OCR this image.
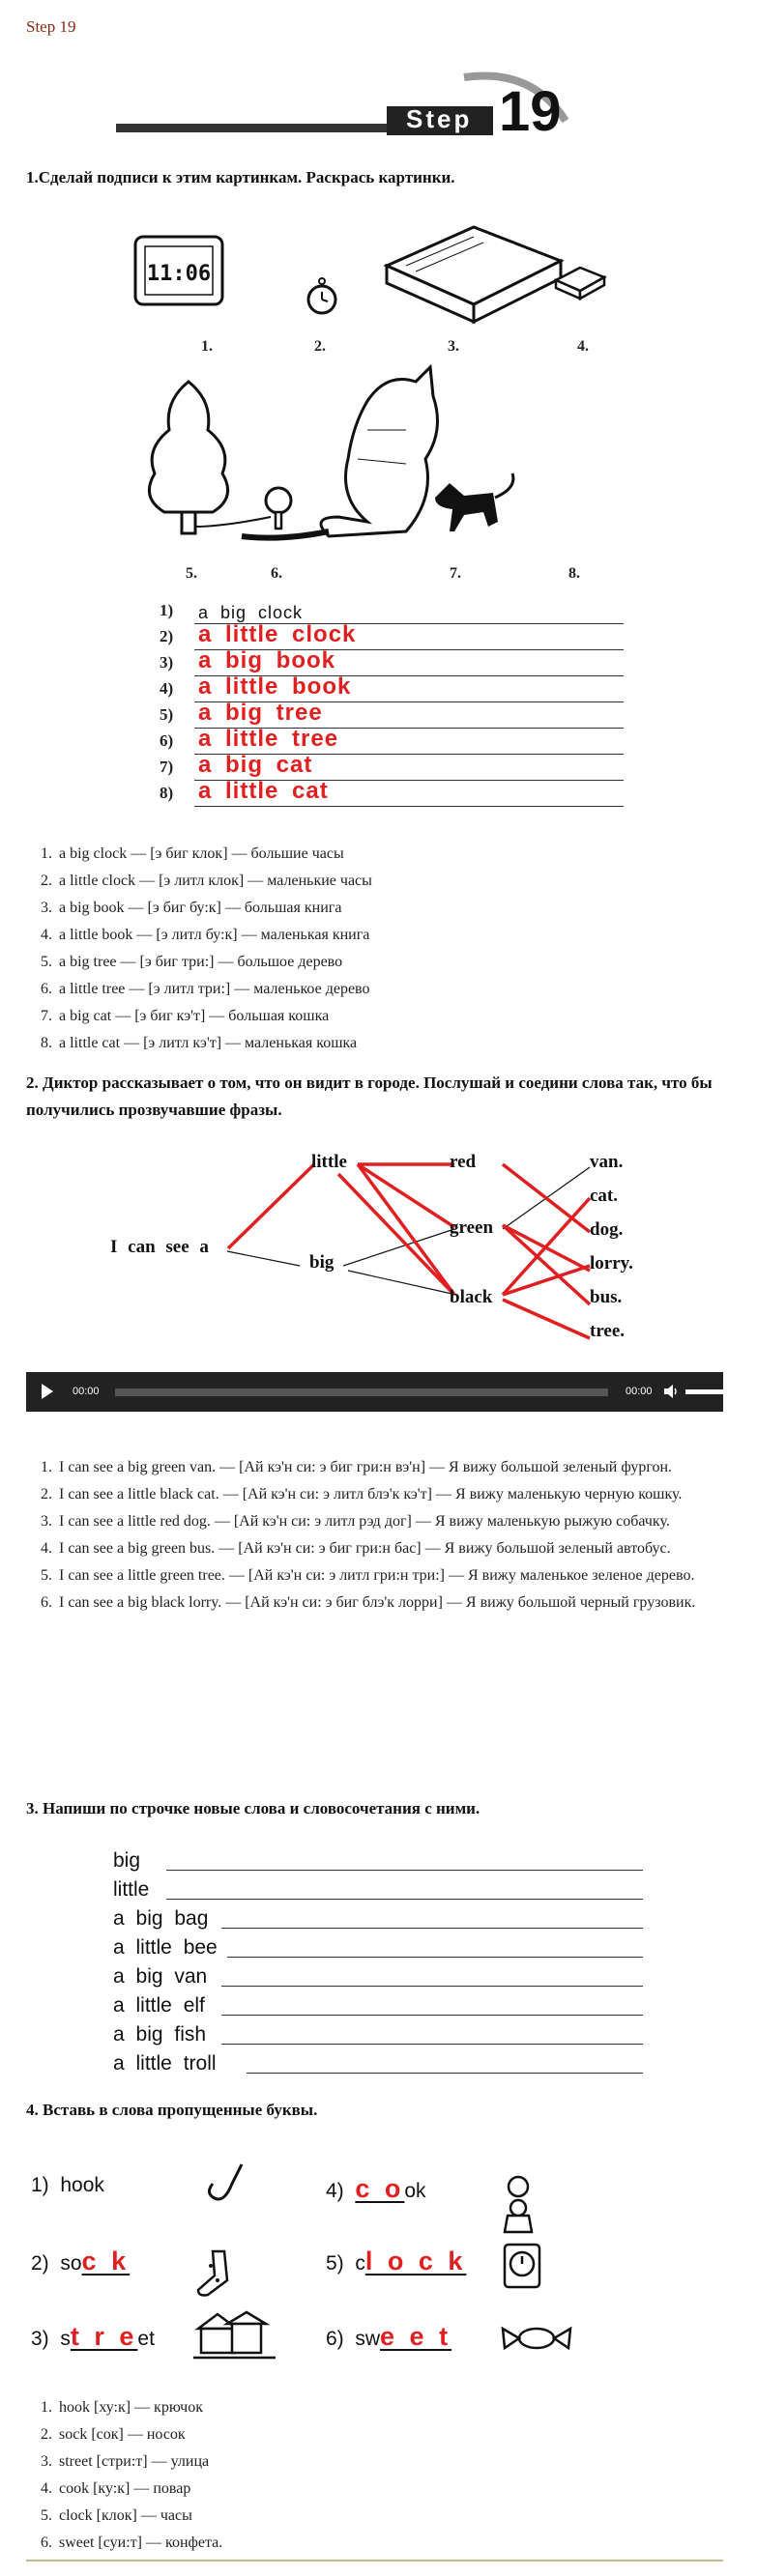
Step 19
Step 19
1.Сделай подписи к этим картинкам. Раскрась картинки.
11:06
1.	2.	3.	4.
5.	6.	7.	8.
1) a big clock
2) a little clock
3) a big book
4) a little book
5) a big tree
6) a little tree
7) a big cat
8) a little cat
1. a big clock — [э биг клок] — большие часы
2. a little clock — [э литл клок] — маленькие часы
3. a big book — [э биг бу:к] — большая книга
4. a little book — [э литл бу:к] — маленькая книга
5. a big tree — [э биг три:] — большое дерево
6. a little tree — [э литл три:] — маленькое дерево
7. a big cat — [э биг кэ'т] — большая кошка
8. a little cat — [э литл кэ'т] — маленькая кошка
2. Диктор рассказывает о том, что он видит в городе. Послушай и соедини слова так, что бы получились прозвучавшие фразы.
I can see a
little
big
red
green
black
van.
cat.
dog.
lorry.
bus.
tree.
00:00	00:00
1. I can see a big green van. — [Ай кэ'н си: э биг гри:н вэ'н] — Я вижу большой зеленый фургон.
2. I can see a little black cat. — [Ай кэ'н си: э литл блэ'к кэ'т] — Я вижу маленькую черную кошку.
3. I can see a little red dog. — [Ай кэ'н си: э литл рэд дог] — Я вижу маленькую рыжую собачку.
4. I can see a big green bus. — [Ай кэ'н си: э биг гри:н бас] — Я вижу большой зеленый автобус.
5. I can see a little green tree. — [Ай кэ'н си: э литл гри:н три:] — Я вижу маленькое зеленое дерево.
6. I can see a big black lorry. — [Ай кэ'н си: э биг блэ'к лорри] — Я вижу большой черный грузовик.
3. Напиши по строчке новые слова и словосочетания с ними.
big
little
a big bag
a little bee
a big van
a little elf
a big fish
a little troll
4. Вставь в слова пропущенные буквы.
1) hook
2) soc k
3) st r eet
4) c ook
5) cl o c k
6) swe e t
1. hook [ху:к] — крючок
2. sock [сок] — носок
3. street [стри:т] — улица
4. cook [ку:к] — повар
5. clock [клок] — часы
6. sweet [суи:т] — конфета.
